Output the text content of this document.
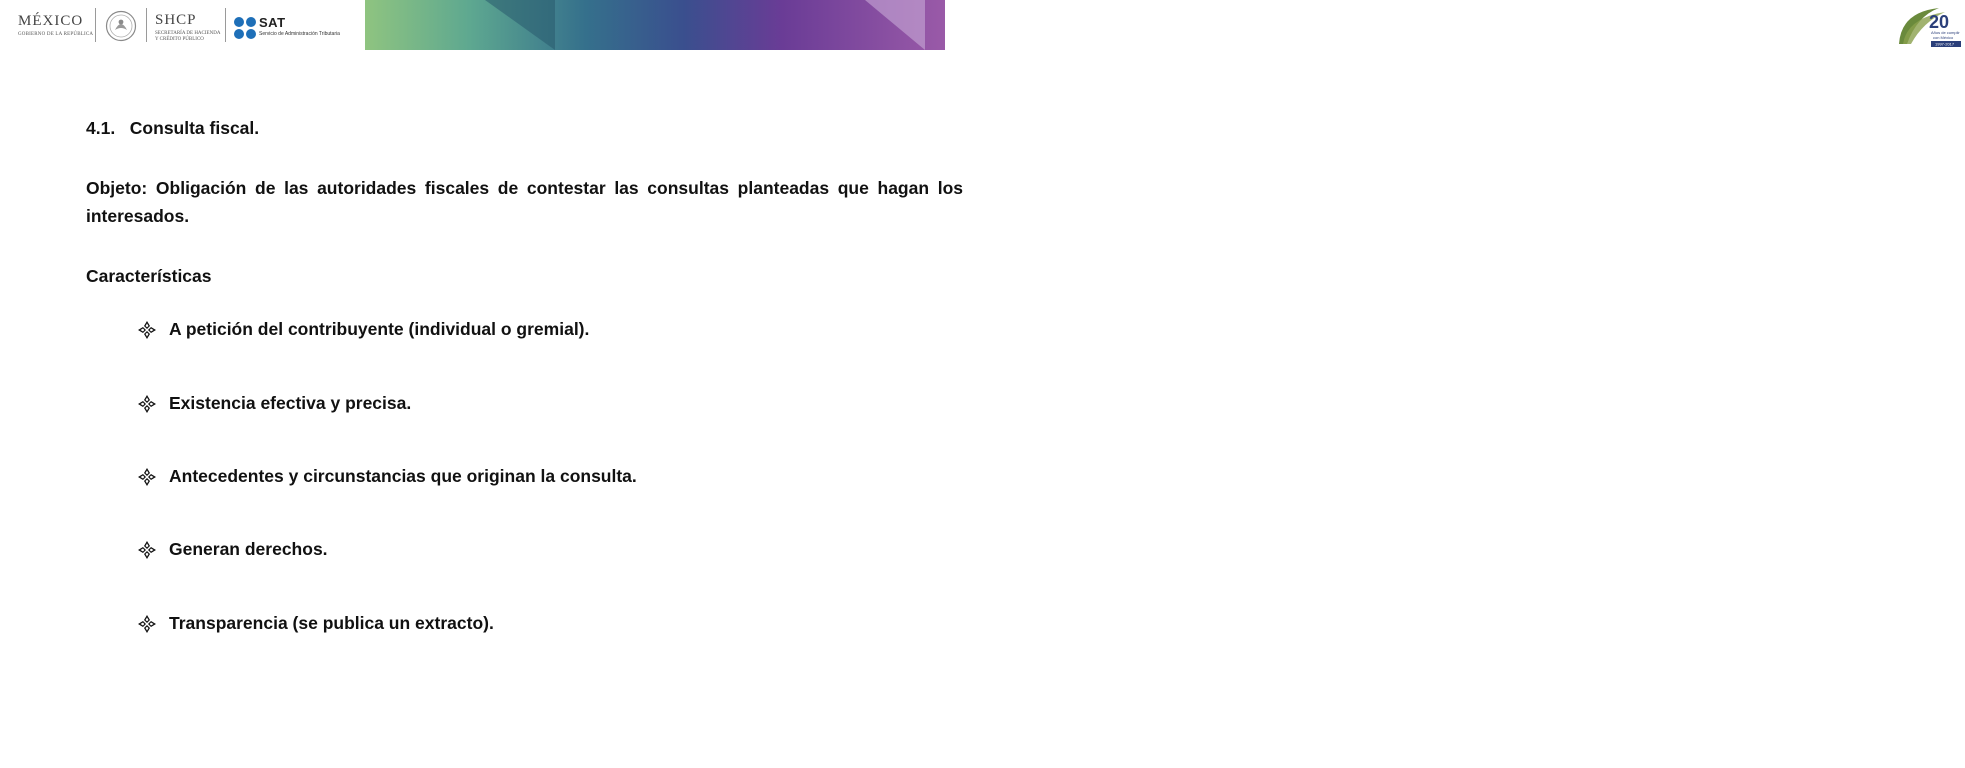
MÉXICO
GOBIERNO DE LA REPÚBLICA
SHCP
SECRETARÍA DE HACIENDA
Y CRÉDITO PÚBLICO
SAT
Servicio de Administración Tributaria
20
Años de cumplir
con México
1997-2017
4.1. Consulta fiscal.
Objeto: Obligación de las autoridades fiscales de contestar las consultas planteadas que hagan los interesados.
Características
A petición del contribuyente (individual o gremial).
Existencia efectiva y precisa.
Antecedentes y circunstancias que originan la consulta.
Generan derechos.
Transparencia (se publica un extracto).
